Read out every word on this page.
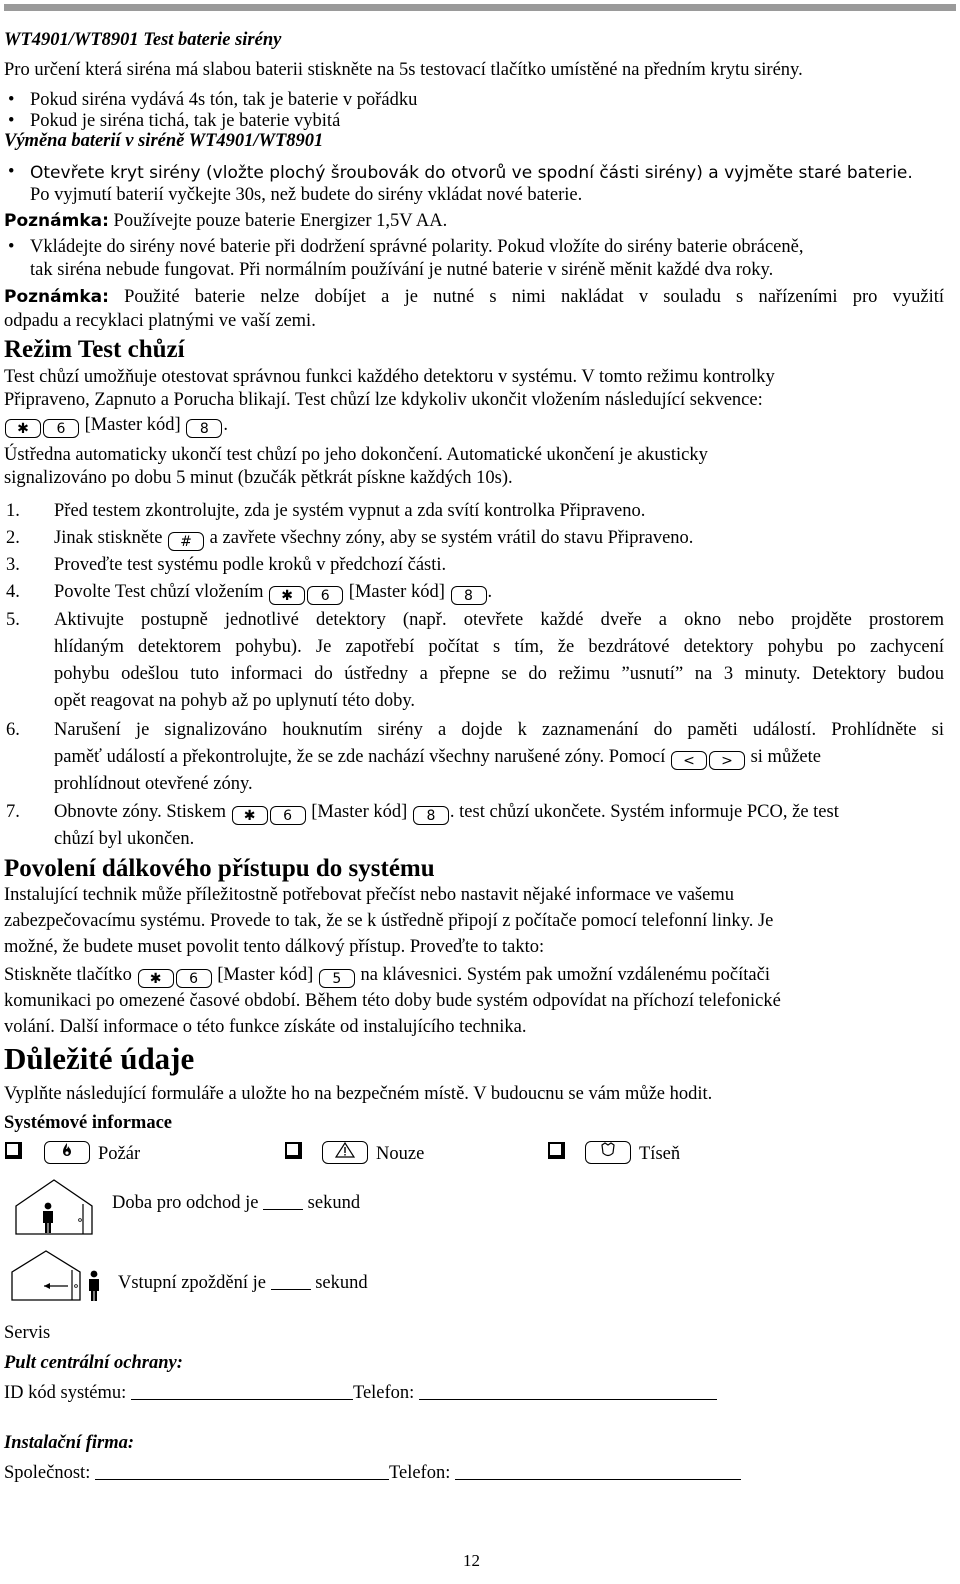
WT4901/WT8901 Test baterie sirény
Pro určení která siréna má slabou baterii stiskněte na 5s testovací tlačítko umístěné na předním krytu sirény.
• Pokud siréna vydává 4s tón, tak je baterie v pořádku
• Pokud je siréna tichá, tak je baterie vybitá
Výměna baterií v siréně WT4901/WT8901
• Otevřete kryt sirény (vložte plochý šroubovák do otvorů ve spodní části sirény) a vyjměte staré baterie.
Po vyjmutí baterií vyčkejte 30s, než budete do sirény vkládat nové baterie.
Poznámka: Používejte pouze baterie Energizer 1,5V AA.
• Vkládejte do sirény nové baterie při dodržení správné polarity. Pokud vložíte do sirény baterie obráceně,
tak siréna nebude fungovat. Při normálním používání je nutné baterie v siréně měnit každé dva roky.
Poznámka: Použité baterie nelze dobíjet a je nutné s nimi nakládat v souladu s nařízeními pro využití
odpadu a recyklaci platnými ve vaší zemi.
Režim Test chůzí
Test chůzí umožňuje otestovat správnou funkci každého detektoru v systému. V tomto režimu kontrolky
Připraveno, Zapnuto a Porucha blikají. Test chůzí lze kdykoliv ukončit vložením následující sekvence:
✱ 6 [Master kód] 8 .
Ústředna automaticky ukončí test chůzí po jeho dokončení. Automatické ukončení je akusticky
signalizováno po dobu 5 minut (bzučák pětkrát pískne každých 10s).
1. Před testem zkontrolujte, zda je systém vypnut a zda svítí kontrolka Připraveno.
2. Jinak stiskněte # a zavřete všechny zóny, aby se systém vrátil do stavu Připraveno.
3. Proveďte test systému podle kroků v předchozí části.
4. Povolte Test chůzí vložením ✱ 6 [Master kód] 8 .
5. Aktivujte postupně jednotlivé detektory (např. otevřete každé dveře a okno nebo projděte prostorem
hlídaným detektorem pohybu). Je zapotřebí počítat s tím, že bezdrátové detektory pohybu po zachycení
pohybu odešlou tuto informaci do ústředny a přepne se do režimu ”usnutí” na 3 minuty. Detektory budou
opět reagovat na pohyb až po uplynutí této doby.
6. Narušení je signalizováno houknutím sirény a dojde k zaznamenání do paměti událostí. Prohlídněte si
paměť událostí a překontrolujte, že se zde nachází všechny narušené zóny. Pomocí < > si můžete
prohlídnout otevřené zóny.
7. Obnovte zóny. Stiskem ✱ 6 [Master kód] 8 . test chůzí ukončete. Systém informuje PCO, že test
chůzí byl ukončen.
Povolení dálkového přístupu do systému
Instalující technik může příležitostně potřebovat přečíst nebo nastavit nějaké informace ve vašemu
zabezpečovacímu systému. Provede to tak, že se k ústředně připojí z počítače pomocí telefonní linky. Je
možné, že budete muset povolit tento dálkový přístup. Proveďte to takto:
Stiskněte tlačítko ✱ 6 [Master kód] 5 na klávesnici. Systém pak umožní vzdálenému počítači
komunikaci po omezené časové období. Během této doby bude systém odpovídat na příchozí telefonické
volání. Další informace o této funkce získáte od instalujícího technika.
Důležité údaje
Vyplňte následující formuláře a uložte ho na bezpečném místě. V budoucnu se vám může hodit.
Systémové informace
Požár	Nouze	Tíseň
Doba pro odchod je	sekund
Vstupní zpoždění je	sekund
Servis
Pult centrální ochrany:
ID kód systému:	Telefon:
Instalační firma:
Společnost:	Telefon:
12
